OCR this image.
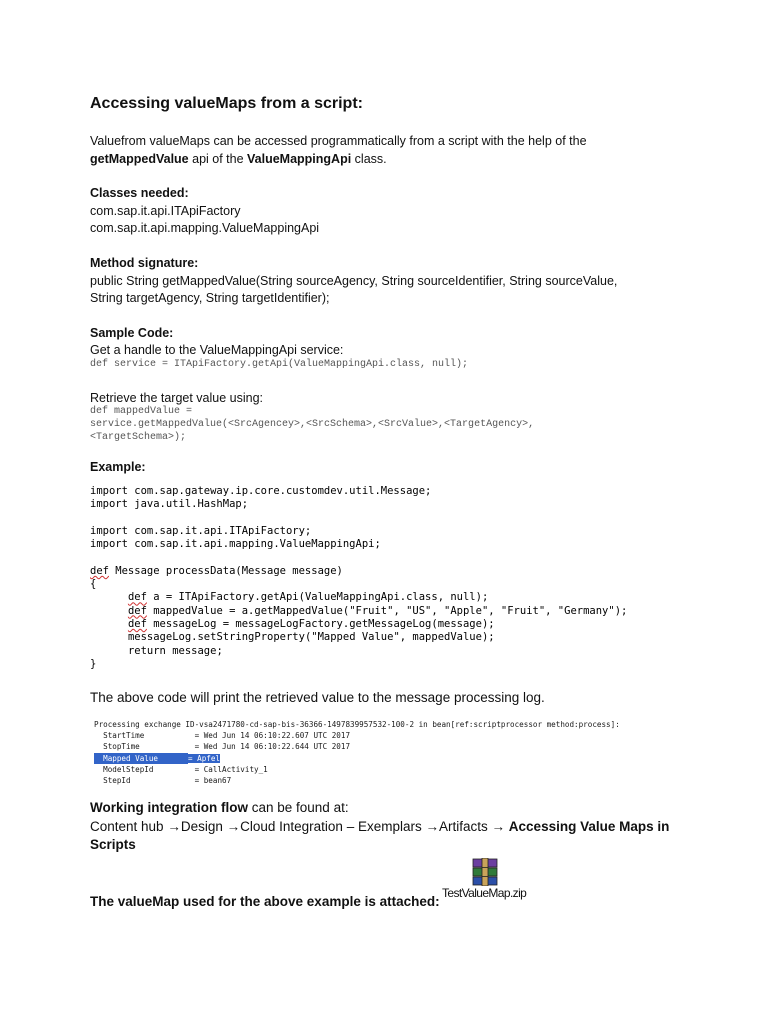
Accessing valueMaps from a script:
Valuefrom valueMaps can be accessed programmatically from a script with the help of the
getMappedValue api of the ValueMappingApi class.
Classes needed:
com.sap.it.api.ITApiFactory
com.sap.it.api.mapping.ValueMappingApi
Method signature:
public String getMappedValue(String sourceAgency, String sourceIdentifier, String sourceValue,
String targetAgency, String targetIdentifier);
Sample Code:
Get a handle to the ValueMappingApi service:
def service = ITApiFactory.getApi(ValueMappingApi.class, null);
Retrieve the target value using:
def mappedValue =
service.getMappedValue(<SrcAgencey>,<SrcSchema>,<SrcValue>,<TargetAgency>,
<TargetSchema>);
Example:
import com.sap.gateway.ip.core.customdev.util.Message;
import java.util.HashMap;
import com.sap.it.api.ITApiFactory;
import com.sap.it.api.mapping.ValueMappingApi;
def Message processData(Message message)
{
def a = ITApiFactory.getApi(ValueMappingApi.class, null);
def mappedValue = a.getMappedValue("Fruit", "US", "Apple", "Fruit", "Germany");
def messageLog = messageLogFactory.getMessageLog(message);
messageLog.setStringProperty("Mapped Value", mappedValue);
return message;
}
The above code will print the retrieved value to the message processing log.
Processing exchange ID-vsa2471780-cd-sap-bis-36366-1497839957532-100-2 in bean[ref:scriptprocessor method:process]:
StartTime           = Wed Jun 14 06:10:22.607 UTC 2017
StopTime            = Wed Jun 14 06:10:22.644 UTC 2017
Mapped Value	= Apfel
ModelStepId         = CallActivity_1
StepId              = bean67
Working integration flow can be found at:
Content hub →Design →Cloud Integration – Exemplars →Artifacts → Accessing Value Maps in
Scripts
The valueMap used for the above example is attached:
TestValueMap.zip
